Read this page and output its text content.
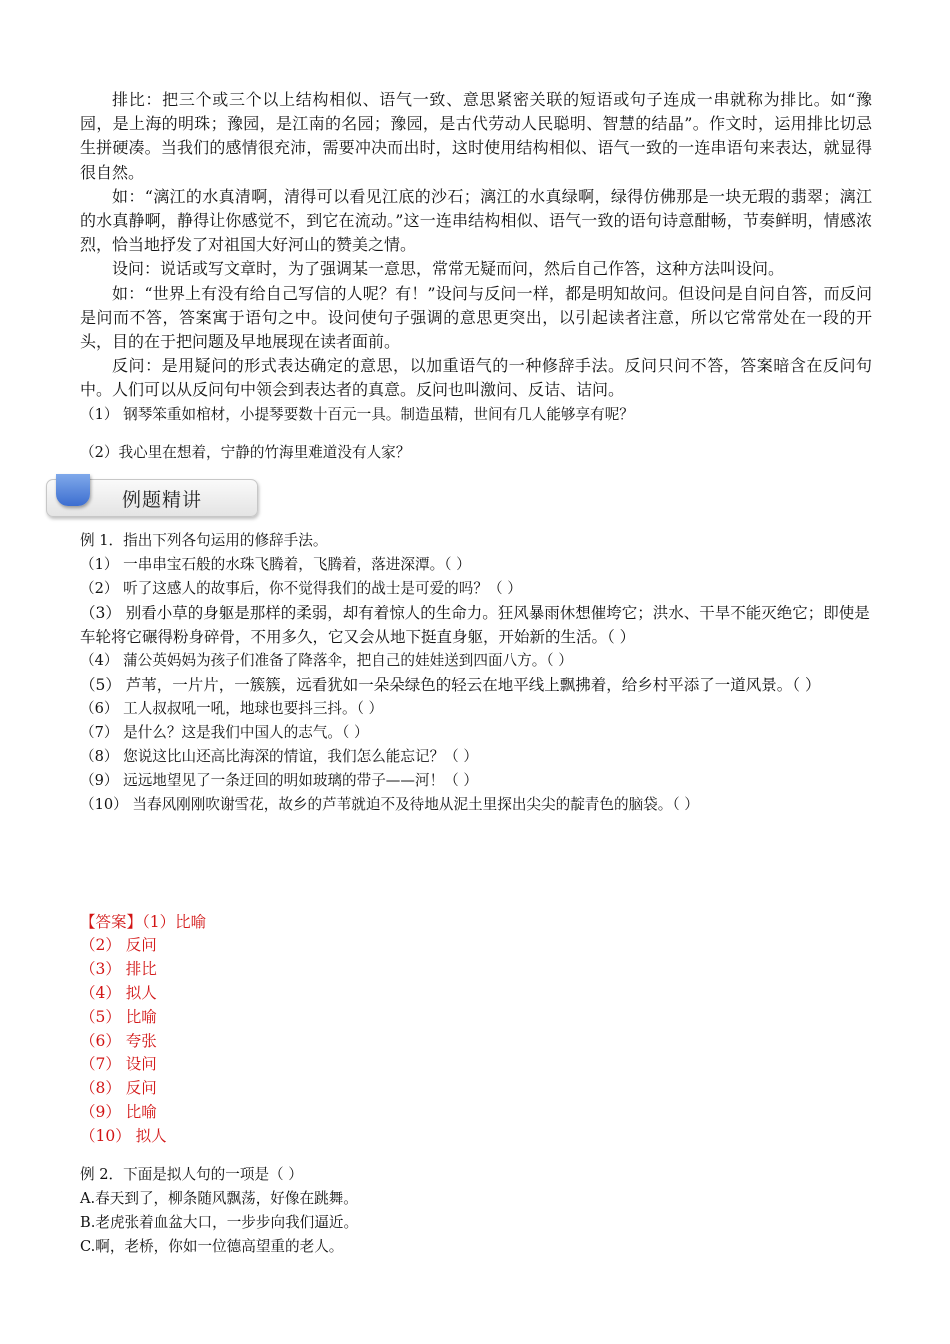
排比：把三个或三个以上结构相似、语气一致、意思紧密关联的短语或句子连成一串就称为排比。如“豫园，是上海的明珠；豫园，是江南的名园；豫园，是古代劳动人民聪明、智慧的结晶”。作文时，运用排比切忌生拼硬凑。当我们的感情很充沛，需要冲决而出时，这时使用结构相似、语气一致的一连串语句来表达，就显得很自然。

如：“漓江的水真清啊，清得可以看见江底的沙石；漓江的水真绿啊，绿得仿佛那是一块无瑕的翡翠；漓江的水真静啊，静得让你感觉不，到它在流动。”这一连串结构相似、语气一致的语句诗意酣畅，节奏鲜明，情感浓烈，恰当地抒发了对祖国大好河山的赞美之情。

设问：说话或写文章时，为了强调某一意思，常常无疑而问，然后自己作答，这种方法叫设问。

如：“世界上有没有给自己写信的人呢？有！”设问与反问一样，都是明知故问。但设问是自问自答，而反问是问而不答，答案寓于语句之中。设问使句子强调的意思更突出，以引起读者注意，所以它常常处在一段的开头，目的在于把问题及早地展现在读者面前。

反问：是用疑问的形式表达确定的意思，以加重语气的一种修辞手法。反问只问不答，答案暗含在反问句中。人们可以从反问句中领会到表达者的真意。反问也叫激问、反诘、诘问。

（1） 钢琴笨重如棺材，小提琴要数十百元一具。制造虽精，世间有几人能够享有呢？

（2）我心里在想着，宁静的竹海里难道没有人家？

例题精讲

例 1．指出下列各句运用的修辞手法。

（1） 一串串宝石般的水珠飞腾着，飞腾着，落进深潭。（ ）

（2） 听了这感人的故事后，你不觉得我们的战士是可爱的吗？（ ）

（3） 别看小草的身躯是那样的柔弱，却有着惊人的生命力。狂风暴雨休想催垮它；洪水、干旱不能灭绝它；即使是车轮将它碾得粉身碎骨，不用多久，它又会从地下挺直身躯，开始新的生活。（ ）

（4） 蒲公英妈妈为孩子们准备了降落伞，把自己的娃娃送到四面八方。（ ）

（5） 芦苇，一片片，一簇簇，远看犹如一朵朵绿色的轻云在地平线上飘拂着，给乡村平添了一道风景。（ ）

（6） 工人叔叔吼一吼，地球也要抖三抖。（ ）

（7） 是什么？这是我们中国人的志气。（ ）

（8） 您说这比山还高比海深的情谊，我们怎么能忘记？（ ）

（9） 远远地望见了一条迂回的明如玻璃的带子——河！（ ）

（10） 当春风刚刚吹谢雪花，故乡的芦苇就迫不及待地从泥土里探出尖尖的靛青色的脑袋。（ ）

【答案】（1）比喻

（2） 反问

（3） 排比

（4） 拟人

（5） 比喻

（6） 夸张

（7） 设问

（8） 反问

（9） 比喻

（10） 拟人

例 2．下面是拟人句的一项是（ ）

A.春天到了，柳条随风飘荡，好像在跳舞。

B.老虎张着血盆大口，一步步向我们逼近。

C.啊，老桥，你如一位德高望重的老人。
